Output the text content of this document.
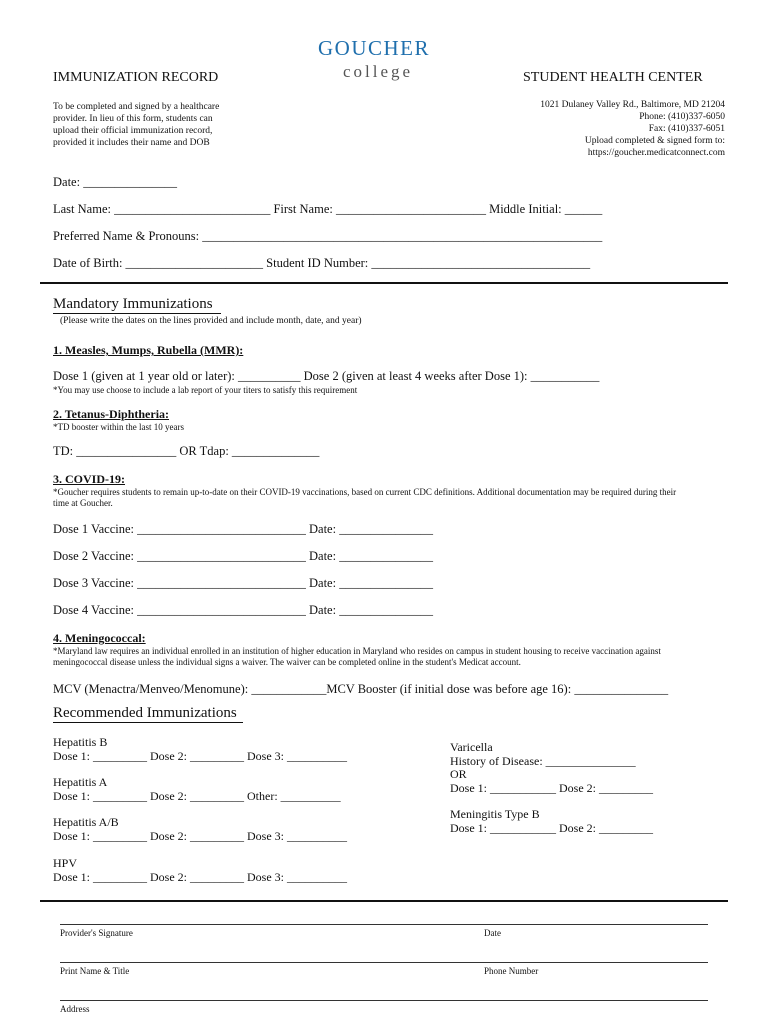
GOUCHER
college
IMMUNIZATION RECORD	STUDENT HEALTH CENTER
To be completed and signed by a healthcare
provider. In lieu of this form, students can
upload their official immunization record,
provided it includes their name and DOB
1021 Dulaney Valley Rd., Baltimore, MD 21204
Phone: (410)337-6050
Fax: (410)337-6051
Upload completed & signed form to:
https://goucher.medicatconnect.com
Date: _______________
Last Name: _________________________ First Name: ________________________ Middle Initial: ______
Preferred Name & Pronouns: ________________________________________________________________
Date of Birth: ______________________ Student ID Number: ___________________________________
Mandatory Immunizations
(Please write the dates on the lines provided and include month, date, and year)
1. Measles, Mumps, Rubella (MMR):
Dose 1 (given at 1 year old or later): __________ Dose 2 (given at least 4 weeks after Dose 1): ___________
*You may use choose to include a lab report of your titers to satisfy this requirement
2. Tetanus-Diphtheria:
*TD booster within the last 10 years
TD: ________________ OR Tdap: ______________
3. COVID-19:
*Goucher requires students to remain up-to-date on their COVID-19 vaccinations, based on current CDC definitions. Additional documentation may be required during their time at Goucher.
Dose 1 Vaccine: ___________________________ Date: _______________
Dose 2 Vaccine: ___________________________ Date: _______________
Dose 3 Vaccine: ___________________________ Date: _______________
Dose 4 Vaccine: ___________________________ Date: _______________
4. Meningococcal:
*Maryland law requires an individual enrolled in an institution of higher education in Maryland who resides on campus in student housing to receive vaccination against meningococcal disease unless the individual signs a waiver. The waiver can be completed online in the student's Medicat account.
MCV (Menactra/Menveo/Menomune): ____________MCV Booster (if initial dose was before age 16): _______________
Recommended Immunizations
Hepatitis B
Dose 1: _________ Dose 2: _________ Dose 3: __________
Hepatitis A
Dose 1: _________ Dose 2: _________ Other: __________
Hepatitis A/B
Dose 1: _________ Dose 2: _________ Dose 3: __________
HPV
Dose 1: _________ Dose 2: _________ Dose 3: __________
Varicella
History of Disease: _______________
OR
Dose 1: ___________ Dose 2: _________
Meningitis Type B
Dose 1: ___________ Dose 2: _________
Provider's Signature	Date
Print Name & Title	Phone Number
Address
